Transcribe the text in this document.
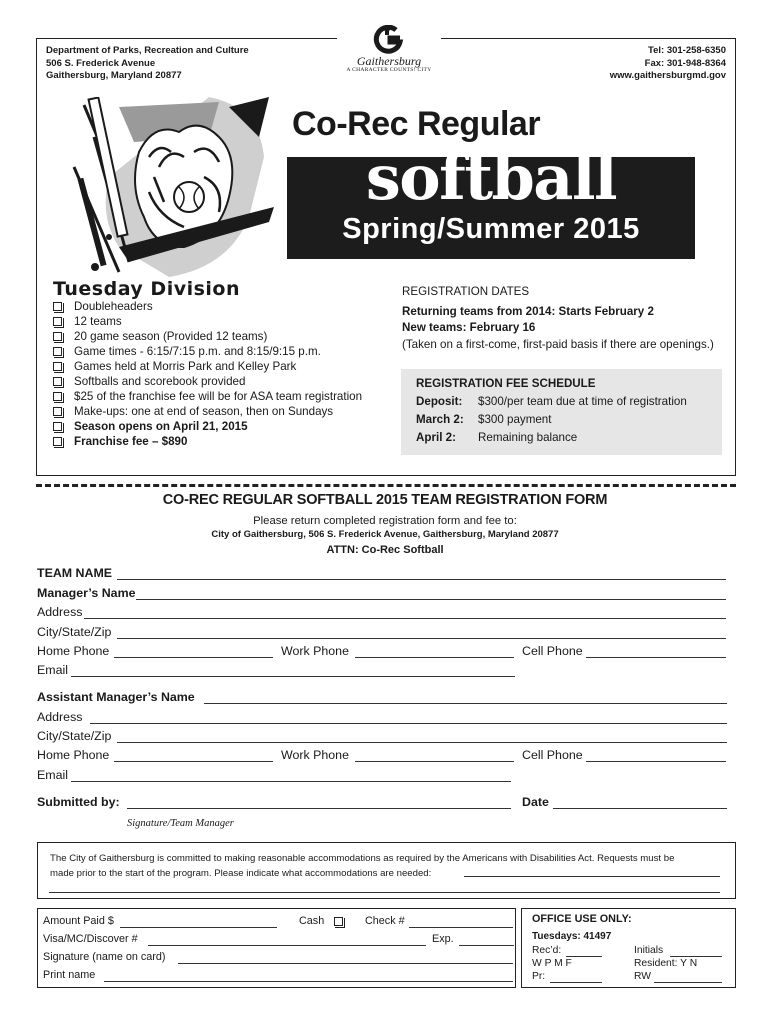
Department of Parks, Recreation and Culture
506 S. Frederick Avenue
Gaithersburg, Maryland 20877
Gaithersburg
A CHARACTER COUNTS! CITY
Tel: 301-258-6350
Fax: 301-948-8364
www.gaithersburgmd.gov
Co-Rec Regular
softball
Spring/Summer 2015
Tuesday Division
Doubleheaders
12 teams
20 game season (Provided 12 teams)
Game times - 6:15/7:15 p.m. and 8:15/9:15 p.m.
Games held at Morris Park and Kelley Park
Softballs and scorebook provided
$25 of the franchise fee will be for ASA team registration
Make-ups: one at end of season, then on Sundays
Season opens on April 21, 2015
Franchise fee – $890
REGISTRATION DATES
Returning teams from 2014: Starts February 2
New teams: February 16
(Taken on a first-come, first-paid basis if there are openings.)
REGISTRATION FEE SCHEDULE
Deposit:	$300/per team due at time of registration
March 2:	$300 payment
April 2:	Remaining balance
CO-REC REGULAR SOFTBALL 2015 TEAM REGISTRATION FORM
Please return completed registration form and fee to:
City of Gaithersburg, 506 S. Frederick Avenue, Gaithersburg, Maryland 20877
ATTN: Co-Rec Softball
TEAM NAME
Manager’s Name
Address
City/State/Zip
Home Phone	Work Phone	Cell Phone
Email
Assistant Manager’s Name
Address
City/State/Zip
Home Phone	Work Phone	Cell Phone
Email
Submitted by:	Date
Signature/Team Manager
The City of Gaithersburg is committed to making reasonable accommodations as required by the Americans with Disabilities Act. Requests must be
made prior to the start of the program. Please indicate what accommodations are needed:
Amount Paid $	Cash	Check #
Visa/MC/Discover #	Exp.
Signature (name on card)
Print name
OFFICE USE ONLY:
Tuesdays: 41497
Rec’d:	Initials
W P M F	Resident: Y N
Pr:	RW
